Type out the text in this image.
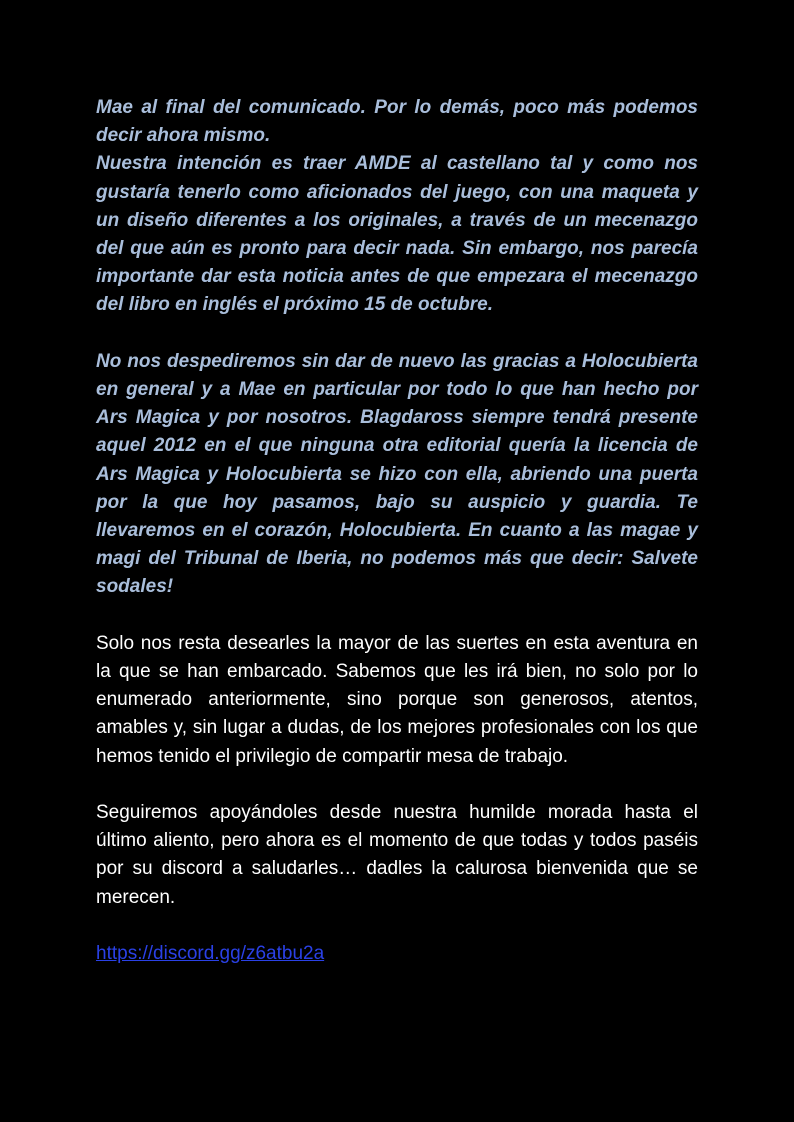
Mae al final del comunicado. Por lo demás, poco más podemos decir ahora mismo.
Nuestra intención es traer AMDE al castellano tal y como nos gustaría tenerlo como aficionados del juego, con una maqueta y un diseño diferentes a los originales, a través de un mecenazgo del que aún es pronto para decir nada. Sin embargo, nos parecía importante dar esta noticia antes de que empezara el mecenazgo del libro en inglés el próximo 15 de octubre.
No nos despediremos sin dar de nuevo las gracias a Holocubierta en general y a Mae en particular por todo lo que han hecho por Ars Magica y por nosotros. Blagdaross siempre tendrá presente aquel 2012 en el que ninguna otra editorial quería la licencia de Ars Magica y Holocubierta se hizo con ella, abriendo una puerta por la que hoy pasamos, bajo su auspicio y guardia. Te llevaremos en el corazón, Holocubierta. En cuanto a las magae y magi del Tribunal de Iberia, no podemos más que decir: Salvete sodales!
Solo nos resta desearles la mayor de las suertes en esta aventura en la que se han embarcado. Sabemos que les irá bien, no solo por lo enumerado anteriormente, sino porque son generosos, atentos, amables y, sin lugar a dudas, de los mejores profesionales con los que hemos tenido el privilegio de compartir mesa de trabajo.
Seguiremos apoyándoles desde nuestra humilde morada hasta el último aliento, pero ahora es el momento de que todas y todos paséis por su discord a saludarles… dadles la calurosa bienvenida que se merecen.
https://discord.gg/z6atbu2a
